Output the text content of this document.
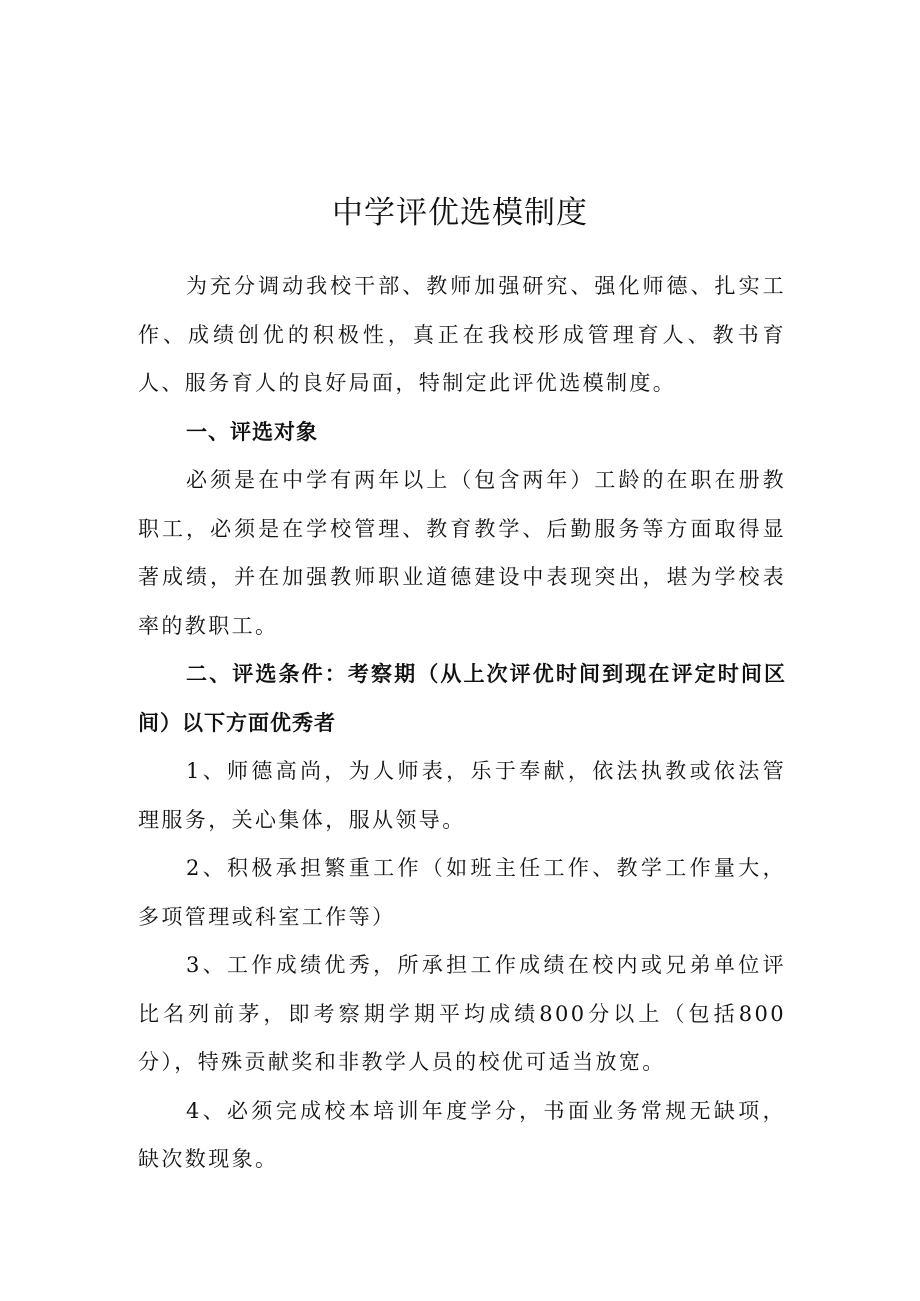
中学评优选模制度

为充分调动我校干部、教师加强研究、强化师德、扎实工作、成绩创优的积极性，真正在我校形成管理育人、教书育人、服务育人的良好局面，特制定此评优选模制度。

一、评选对象

必须是在中学有两年以上（包含两年）工龄的在职在册教职工，必须是在学校管理、教育教学、后勤服务等方面取得显著成绩，并在加强教师职业道德建设中表现突出，堪为学校表率的教职工。

二、评选条件：考察期（从上次评优时间到现在评定时间区间）以下方面优秀者

1、师德高尚，为人师表，乐于奉献，依法执教或依法管理服务，关心集体，服从领导。

2、积极承担繁重工作（如班主任工作、教学工作量大，多项管理或科室工作等）

3、工作成绩优秀，所承担工作成绩在校内或兄弟单位评比名列前茅，即考察期学期平均成绩800分以上（包括800分），特殊贡献奖和非教学人员的校优可适当放宽。

4、必须完成校本培训年度学分，书面业务常规无缺项，缺次数现象。
